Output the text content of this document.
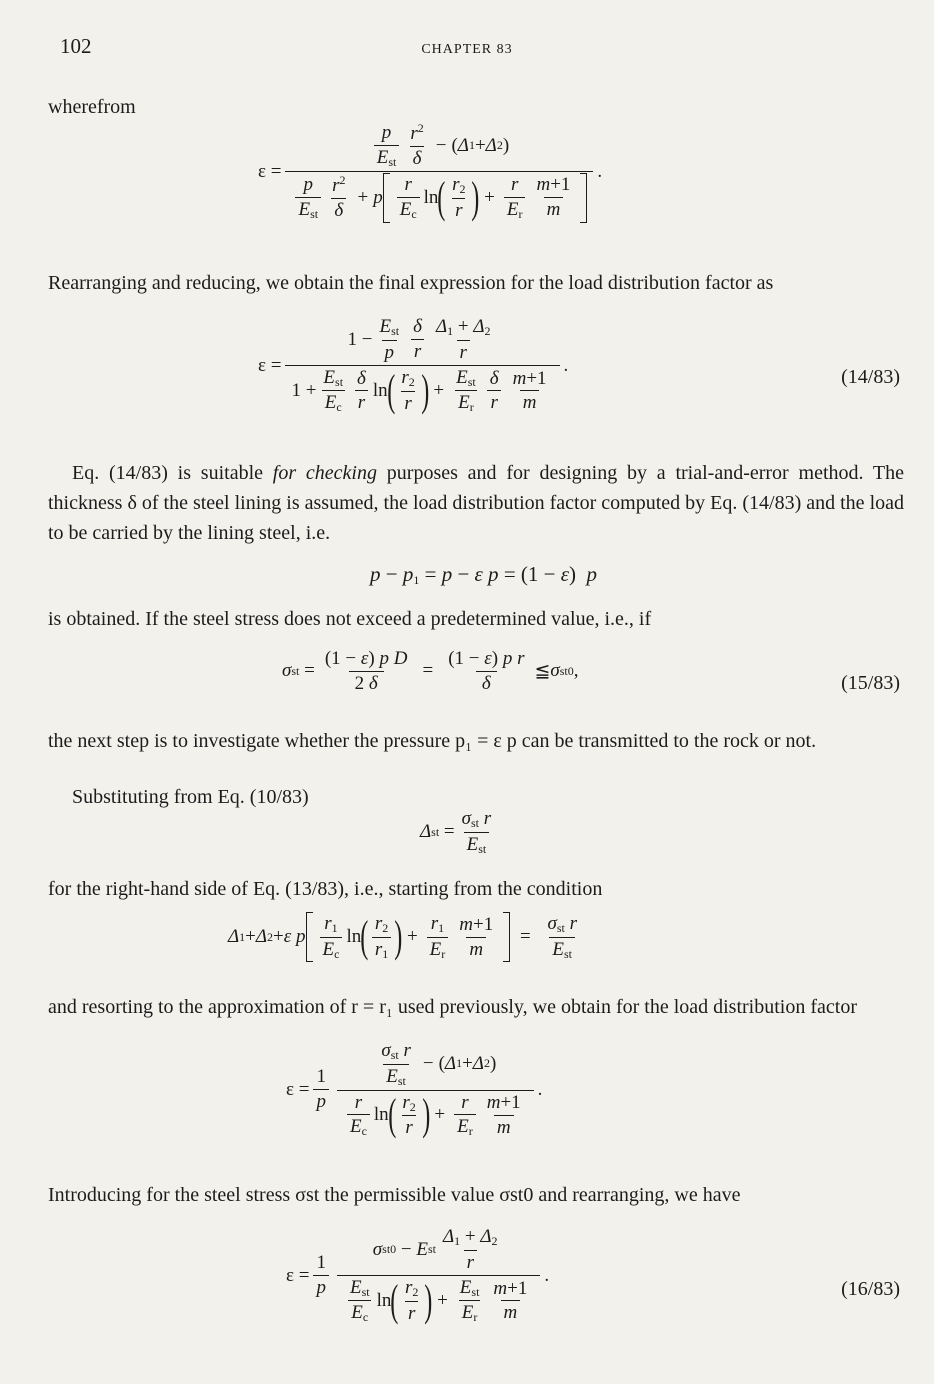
102	CHAPTER 83
wherefrom
ε =
$\frac{p}{E_{st}} \frac{r^2}{\delta}$ − ( Δ 1 + Δ 2 )
$\frac{p}{E_{st}} \frac{r^2}{\delta} + p \frac{r}{E_c}$ ln ( $\frac{r_2}{r}$ ) + $\frac{r}{E_r} \frac{m+1}{m}$
.
Rearranging and reducing, we obtain the final expression for the load distribution factor as
ε =
$1 - \frac{E_{st}}{p} \frac{\delta}{r} \frac{\Delta_1 + \Delta_2}{r}$
$1 + \frac{E_{st}}{E_c} \frac{\delta}{r}$ ln ( $\frac{r_2}{r}$ ) + $\frac{E_{st}}{E_r} \frac{\delta}{r} \frac{m+1}{m}$
.
(14/83)
Eq. (14/83) is suitable for checking purposes and for designing by a trial-and-error method. The thickness δ of the steel lining is assumed, the load distribution factor computed by Eq. (14/83) and the load to be carried by the lining steel, i.e.
$p - p_1 = p - \varepsilon$ p = (1 − ε)  p
is obtained. If the steel stress does not exceed a predetermined value, i.e., if
σ st = $\frac{\text{(1 − ε) p D}}{2 \delta} = \frac{\text{(1 − ε) p r}}{\delta}$ ≦ σ st0 ,
(15/83)
the next step is to investigate whether the pressure p₁ = ε p can be transmitted to the rock or not.
Substituting from Eq. (10/83)
Δ st = $\frac{\sigma_{st} r}{E_{st}}$
for the right-hand side of Eq. (13/83), i.e., starting from the condition
Δ 1 + Δ 2 + ε p $\frac{r_1}{E_c}$ ln ( $\frac{r_2}{r_1}$ ) + $\frac{r_1}{E_r} \frac{m+1}{m} = \frac{\sigma_{st} r}{E_{st}}$
and resorting to the approximation of r = r₁ used previously, we obtain for the load distribution factor
$\varepsilon = \frac{1}{p} \frac{\frac{\sigma_{st} r}{E_{st}} - ( \Delta 1 + \Delta 2 )}{\frac{r}{E_c} \ln ( \frac{r_2}{r} ) + \frac{r}{E_r} \frac{m+1}{m}}$ .
Introducing for the steel stress σst the permissible value σst0 and rearranging, we have
$\varepsilon = \frac{1}{p} \frac{\sigma st0 - E st \frac{\Delta_1 + \Delta_2}{r}}{\frac{E_{st}}{E_c} \ln ( \frac{r_2}{r} ) + \frac{E_{st}}{E_r} \frac{m+1}{m}}$ .
(16/83)
